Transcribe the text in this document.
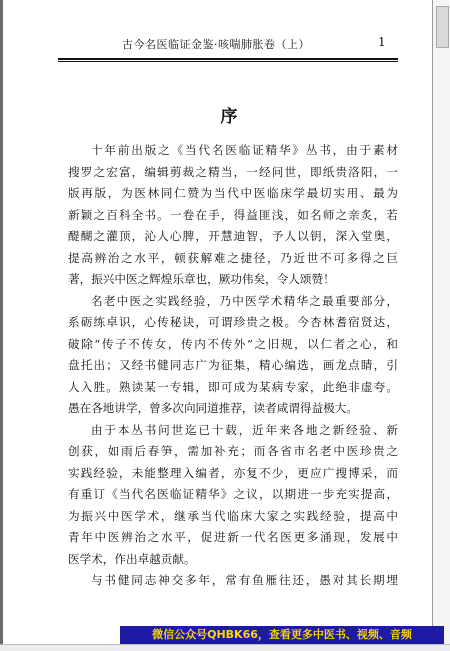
古今名医临证金鉴·咳喘肺胀卷（上）	1
序
十年前出版之《当代名医临证精华》丛书，由于素材
搜罗之宏富，编辑剪裁之精当，一经问世，即纸贵洛阳，一
版再版，为医林同仁赞为当代中医临床学最切实用、最为
新颖之百科全书。一卷在手，得益匪浅，如名师之亲炙，若
醍醐之灌顶，沁人心脾，开慧迪智，予人以钥，深入堂奥，
提高辨治之水平，顿获解难之捷径，乃近世不可多得之巨
著，振兴中医之辉煌乐章也，厥功伟矣，令人颂赞！
名老中医之实践经验，乃中医学术精华之最重要部分，
系砺练卓识，心传秘诀，可谓珍贵之极。今杏林耆宿贤达，
破除“传子不传女，传内不传外”之旧规，以仁者之心，和
盘托出；又经书健同志广为征集，精心编选，画龙点睛，引
人入胜。熟读某一专辑，即可成为某病专家，此绝非虚夸。
愚在各地讲学，曾多次向同道推荐，读者咸谓得益极大。
由于本丛书问世迄已十载，近年来各地之新经验、新
创获，如雨后春笋，需加补充；而各省市名老中医珍贵之
实践经验，未能整理入编者，亦复不少，更应广搜博采，而
有重订《当代名医临证精华》之议，以期进一步充实提高，
为振兴中医学术，继承当代临床大家之实践经验，提高中
青年中医辨治之水平，促进新一代名医更多涌现，发展中
医学术，作出卓越贡献。
与书健同志神交多年，常有鱼雁往还，愚对其长期埋
微信公众号QHBK66，查看更多中医书、视频、音频
